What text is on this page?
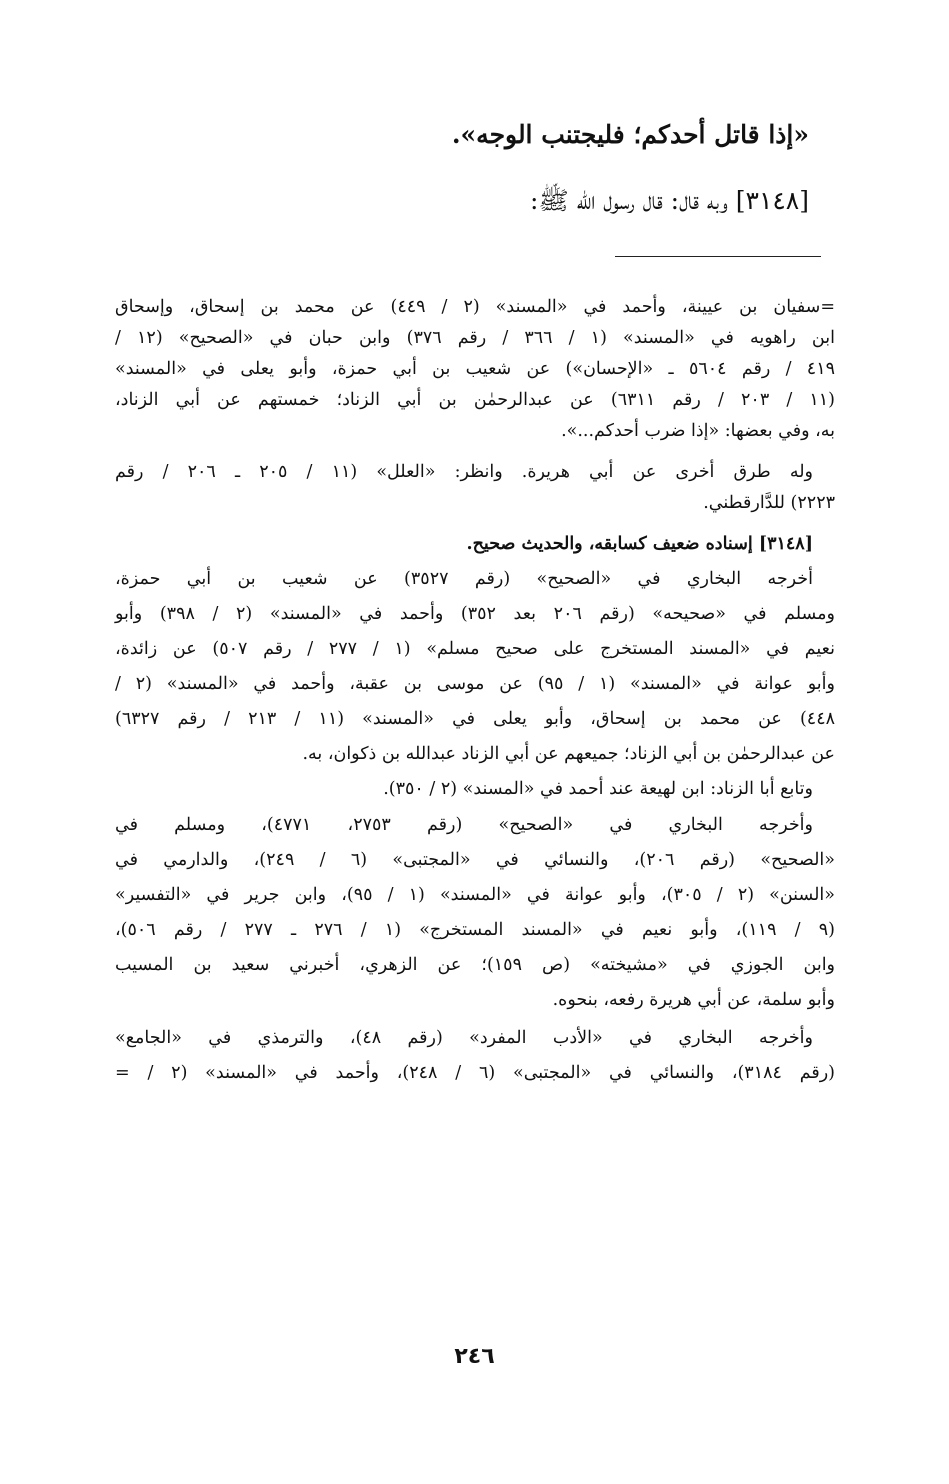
«إذا قاتل أحدكم؛ فليجتنب الوجه».
[٣١٤٨] وبه قال: قال رسول الله ﷺ:
=سفيان بن عيينة، وأحمد في «المسند» (٢ / ٤٤٩) عن محمد بن إسحاق، وإسحاق
ابن راهويه في «المسند» (١ / ٣٦٦ / رقم ٣٧٦) وابن حبان في «الصحيح» (١٢ /
٤١٩ / رقم ٥٦٠٤ ـ «الإحسان») عن شعيب بن أبي حمزة، وأبو يعلى في «المسند»
(١١ / ٢٠٣ / رقم ٦٣١١) عن عبدالرحمٰن بن أبي الزناد؛ خمستهم عن أبي الزناد،
به، وفي بعضها: «إذا ضرب أحدكم...».
وله طرق أخرى عن أبي هريرة. وانظر: «العلل» (١١ / ٢٠٥ ـ ٢٠٦ / رقم
٢٢٢٣) للدَّارقطني.
[٣١٤٨] إسناده ضعيف كسابقه، والحديث صحيح.
أخرجه البخاري في «الصحيح» (رقم ٣٥٢٧) عن شعيب بن أبي حمزة،
ومسلم في «صحيحه» (رقم ٢٠٦ بعد ٣٥٢) وأحمد في «المسند» (٢ / ٣٩٨) وأبو
نعيم في «المسند المستخرج على صحيح مسلم» (١ / ٢٧٧ / رقم ٥٠٧) عن زائدة،
وأبو عوانة في «المسند» (١ / ٩٥) عن موسى بن عقبة، وأحمد في «المسند» (٢ /
٤٤٨) عن محمد بن إسحاق، وأبو يعلى في «المسند» (١١ / ٢١٣ / رقم ٦٣٢٧)
عن عبدالرحمٰن بن أبي الزناد؛ جميعهم عن أبي الزناد عبدالله بن ذكوان، به.
وتابع أبا الزناد: ابن لهيعة عند أحمد في «المسند» (٢ / ٣٥٠).
وأخرجه البخاري في «الصحيح» (رقم ٢٧٥٣، ٤٧٧١)، ومسلم في
«الصحيح» (رقم ٢٠٦)، والنسائي في «المجتبى» (٦ / ٢٤٩)، والدارمي في
«السنن» (٢ / ٣٠٥)، وأبو عوانة في «المسند» (١ / ٩٥)، وابن جرير في «التفسير»
(٩ / ١١٩)، وأبو نعيم في «المسند المستخرج» (١ / ٢٧٦ ـ ٢٧٧ / رقم ٥٠٦)،
وابن الجوزي في «مشيخته» (ص ١٥٩)؛ عن الزهري، أخبرني سعيد بن المسيب
وأبو سلمة، عن أبي هريرة رفعه، بنحوه.
وأخرجه البخاري في «الأدب المفرد» (رقم ٤٨)، والترمذي في «الجامع»
(رقم ٣١٨٤)، والنسائي في «المجتبى» (٦ / ٢٤٨)، وأحمد في «المسند» (٢ / =
٢٤٦
